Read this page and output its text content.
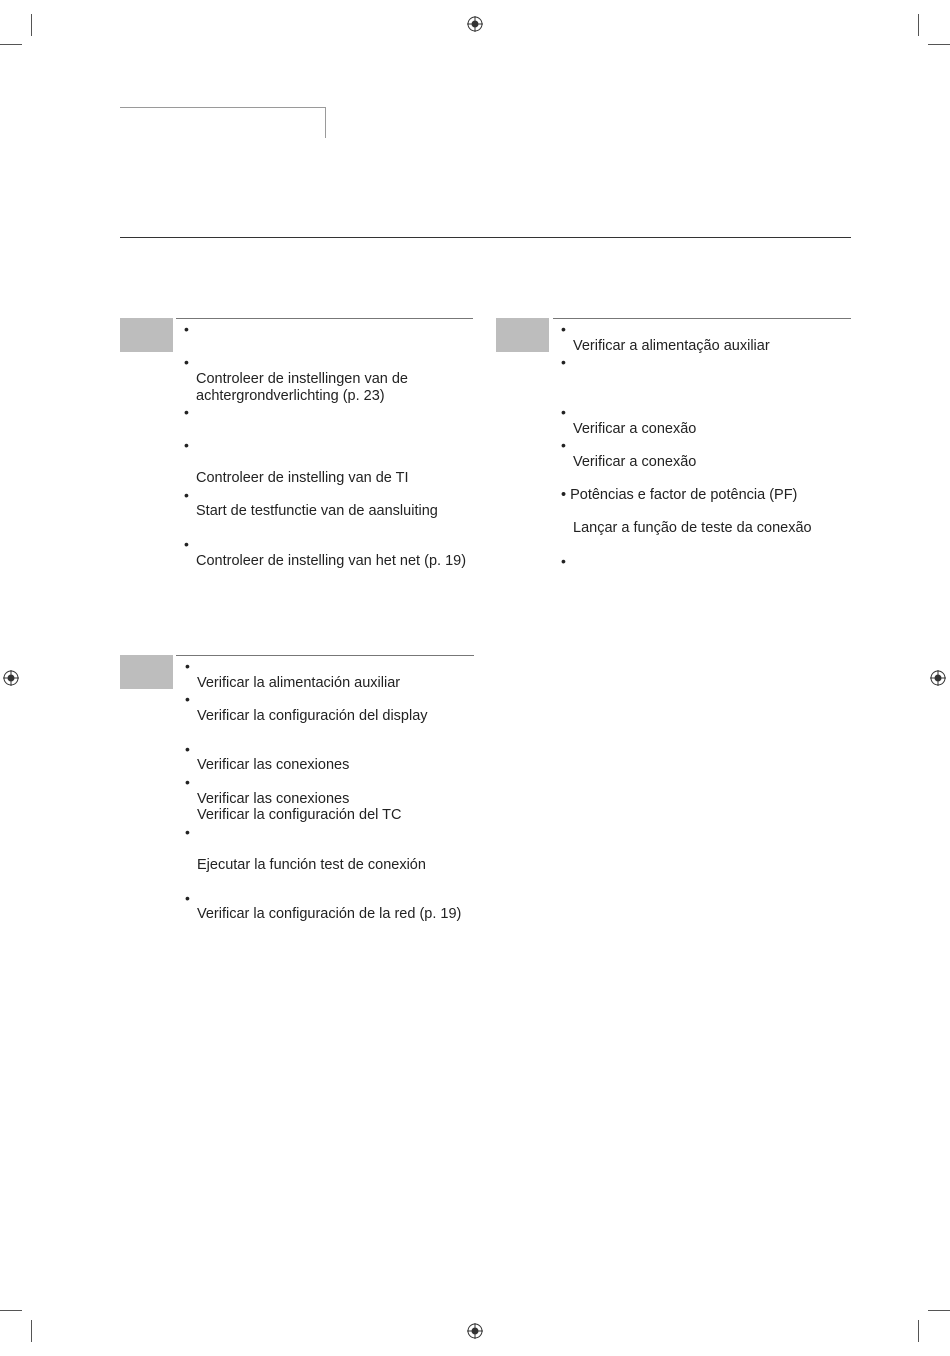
•
•
Controleer de instellingen van de
achtergrondverlichting (p. 23)
•
•
Controleer de instelling van de TI
•
Start de testfunctie van de aansluiting
•
Controleer de instelling van het net (p. 19)
•
Verificar a alimentação auxiliar
•
•
Verificar a conexão
•
Verificar a conexão
• Potências e factor de potência (PF)
Lançar a função de teste da conexão
•
•
Verificar la alimentación auxiliar
•
Verificar la configuración del display
•
Verificar las conexiones
•
Verificar las conexiones
Verificar la configuración del TC
•
Ejecutar la función test de conexión
•
Verificar la configuración de la red (p. 19)
